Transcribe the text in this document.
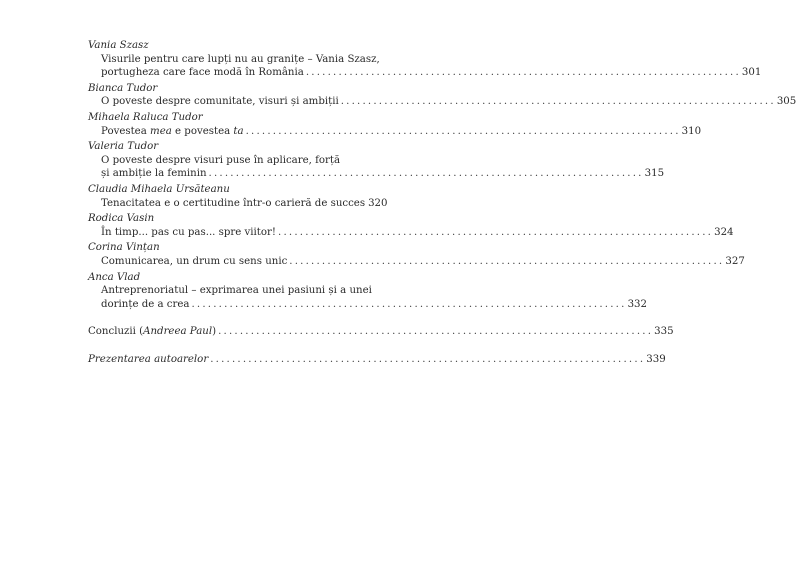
Vania Szasz
Visurile pentru care lupți nu au granițe – Vania Szasz,
portugheza care face modă în România ................................................................................ 301
Bianca Tudor
O poveste despre comunitate, visuri și ambiții ................................................................................ 305
Mihaela Raluca Tudor
Povestea mea e povestea ta ................................................................................ 310
Valeria Tudor
O poveste despre visuri puse în aplicare, forță
și ambiție la feminin ................................................................................ 315
Claudia Mihaela Ursăteanu
Tenacitatea e o certitudine într-o carieră de succes 320
Rodica Vasin
În timp... pas cu pas... spre viitor! ................................................................................ 324
Corina Vințan
Comunicarea, un drum cu sens unic ................................................................................ 327
Anca Vlad
Antreprenoriatul – exprimarea unei pasiuni și a unei
dorințe de a crea ................................................................................ 332
Concluzii (Andreea Paul) ................................................................................ 335
Prezentarea autoarelor ................................................................................ 339
